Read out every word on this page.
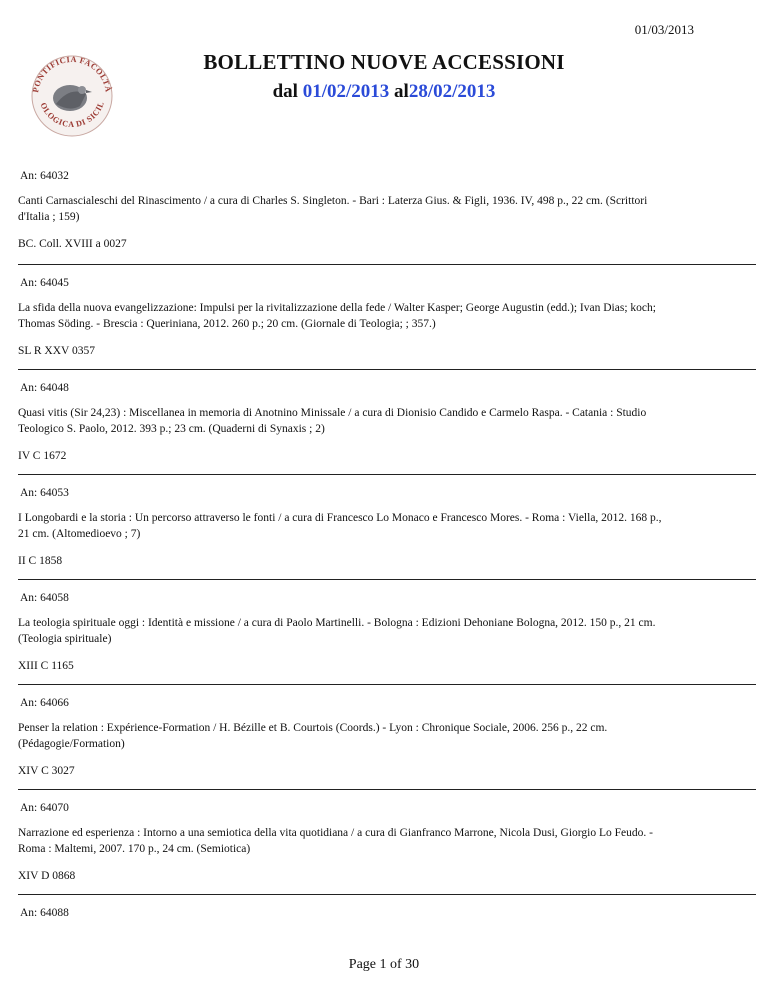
01/03/2013
PONTIFICIA FACOLTÀ
OLOGICA DI SICIL
BOLLETTINO NUOVE ACCESSIONI
dal 01/02/2013 al28/02/2013
An: 64032
Canti Carnascialeschi del Rinascimento / a cura di Charles S. Singleton. - Bari : Laterza Gius. & Figli, 1936. IV, 498 p., 22 cm. (Scrittori d'Italia ; 159)
BC. Coll. XVIII a 0027
An: 64045
La sfida della nuova evangelizzazione: Impulsi per la rivitalizzazione della fede / Walter Kasper; George Augustin (edd.); Ivan Dias; koch; Thomas Söding. - Brescia : Queriniana, 2012. 260 p.; 20 cm. (Giornale di Teologia; ; 357.)
SL R XXV 0357
An: 64048
Quasi vitis (Sir 24,23) : Miscellanea in memoria di Anotnino Minissale / a cura di Dionisio Candido e Carmelo Raspa. - Catania : Studio Teologico S. Paolo, 2012. 393 p.; 23 cm. (Quaderni di Synaxis ; 2)
IV C 1672
An: 64053
I Longobardi e la storia : Un percorso attraverso le fonti / a cura di Francesco Lo Monaco e Francesco Mores. - Roma : Viella, 2012. 168 p., 21 cm. (Altomedioevo ; 7)
II C 1858
An: 64058
La teologia spirituale oggi : Identità e missione / a cura di Paolo Martinelli. - Bologna : Edizioni Dehoniane Bologna, 2012. 150 p., 21 cm. (Teologia spirituale)
XIII C 1165
An: 64066
Penser la relation : Expérience-Formation / H. Bézille et B. Courtois (Coords.) - Lyon : Chronique Sociale, 2006. 256 p., 22 cm. (Pédagogie/Formation)
XIV C 3027
An: 64070
Narrazione ed esperienza : Intorno a una semiotica della vita quotidiana / a cura di Gianfranco Marrone, Nicola Dusi, Giorgio Lo Feudo. - Roma : Maltemi, 2007. 170 p., 24 cm. (Semiotica)
XIV D 0868
An: 64088
Page 1 of 30
